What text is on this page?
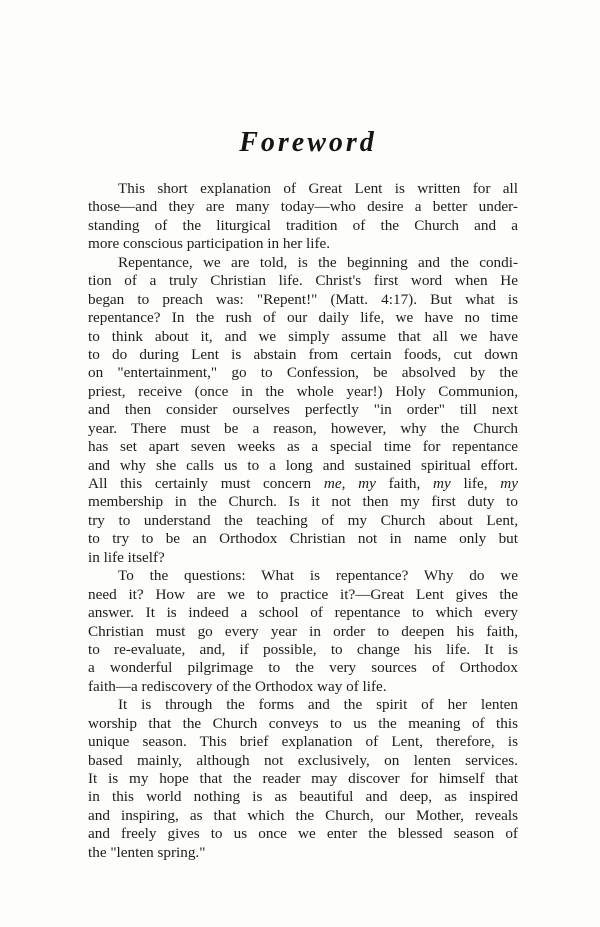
Foreword

This short explanation of Great Lent is written for all
those—and they are many today—who desire a better under-
standing of the liturgical tradition of the Church and a
more conscious participation in her life.

Repentance, we are told, is the beginning and the condi-
tion of a truly Christian life. Christ's first word when He
began to preach was: "Repent!" (Matt. 4:17). But what is
repentance? In the rush of our daily life, we have no time
to think about it, and we simply assume that all we have
to do during Lent is abstain from certain foods, cut down
on "entertainment," go to Confession, be absolved by the
priest, receive (once in the whole year!) Holy Communion,
and then consider ourselves perfectly "in order" till next
year. There must be a reason, however, why the Church
has set apart seven weeks as a special time for repentance
and why she calls us to a long and sustained spiritual effort.
All this certainly must concern me, my faith, my life, my
membership in the Church. Is it not then my first duty to
try to understand the teaching of my Church about Lent,
to try to be an Orthodox Christian not in name only but
in life itself?

To the questions: What is repentance? Why do we
need it? How are we to practice it?—Great Lent gives the
answer. It is indeed a school of repentance to which every
Christian must go every year in order to deepen his faith,
to re-evaluate, and, if possible, to change his life. It is
a wonderful pilgrimage to the very sources of Orthodox
faith—a rediscovery of the Orthodox way of life.

It is through the forms and the spirit of her lenten
worship that the Church conveys to us the meaning of this
unique season. This brief explanation of Lent, therefore, is
based mainly, although not exclusively, on lenten services.
It is my hope that the reader may discover for himself that
in this world nothing is as beautiful and deep, as inspired
and inspiring, as that which the Church, our Mother, reveals
and freely gives to us once we enter the blessed season of
the "lenten spring."
